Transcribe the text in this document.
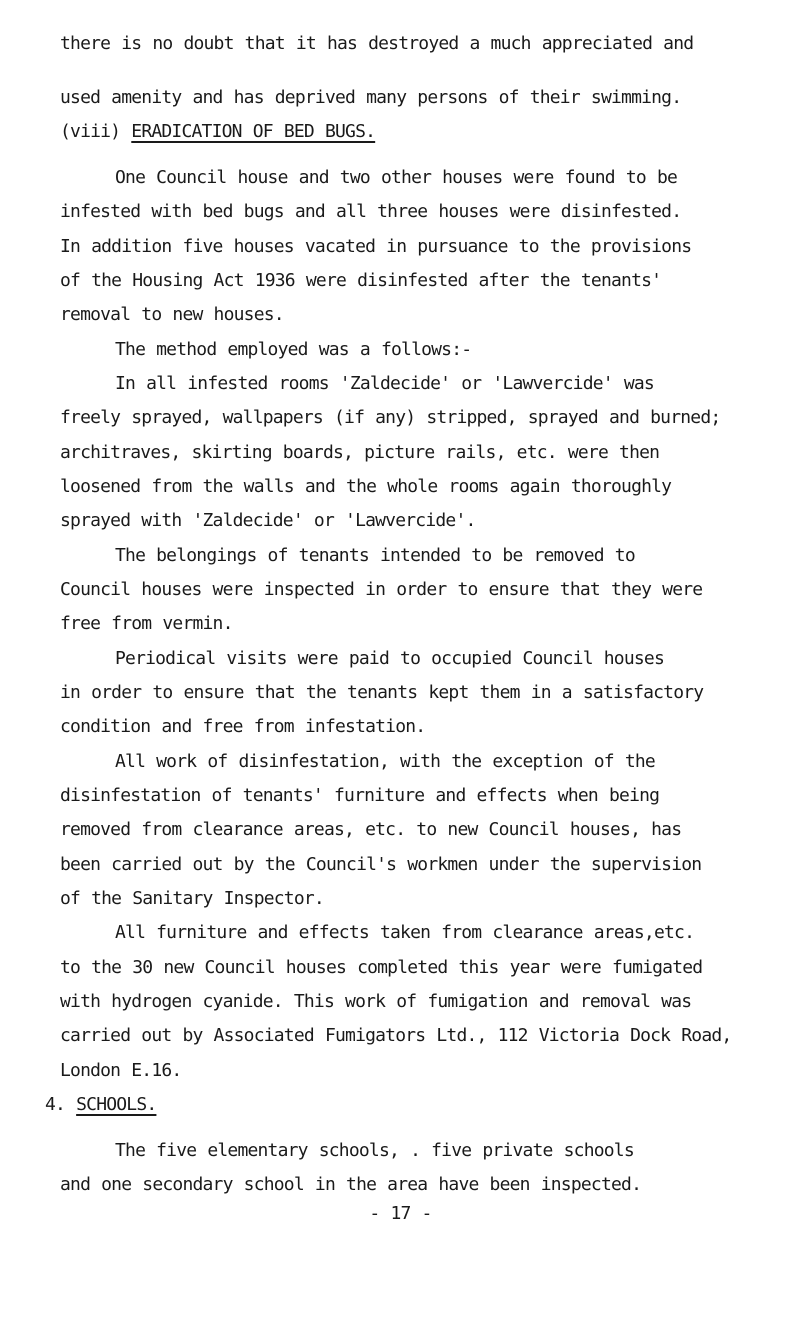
there is no doubt that it has destroyed a much appreciated and
used amenity and has deprived many persons of their swimming.
(viii) ERADICATION OF BED BUGS.
One Council house and two other houses were found to be
infested with bed bugs and all three houses were disinfested.
In addition five houses vacated in pursuance to the provisions
of the Housing Act 1936 were disinfested after the tenants'
removal to new houses.
The method employed was a follows:-
In all infested rooms 'Zaldecide' or 'Lawvercide' was
freely sprayed, wallpapers (if any) stripped, sprayed and burned;
architraves, skirting boards, picture rails, etc. were then
loosened from the walls and the whole rooms again thoroughly
sprayed with 'Zaldecide' or 'Lawvercide'.
The belongings of tenants intended to be removed to
Council houses were inspected in order to ensure that they were
free from vermin.
Periodical visits were paid to occupied Council houses
in order to ensure that the tenants kept them in a satisfactory
condition and free from infestation.
All work of disinfestation, with the exception of the
disinfestation of tenants' furniture and effects when being
removed from clearance areas, etc. to new Council houses, has
been carried out by the Council's workmen under the supervision
of the Sanitary Inspector.
All furniture and effects taken from clearance areas,etc.
to the 30 new Council houses completed this year were fumigated
with hydrogen cyanide. This work of fumigation and removal was
carried out by Associated Fumigators Ltd., 112 Victoria Dock Road,
London E.16.
4. SCHOOLS.
The five elementary schools, . five private schools
and one secondary school in the area have been inspected.
- 17 -
